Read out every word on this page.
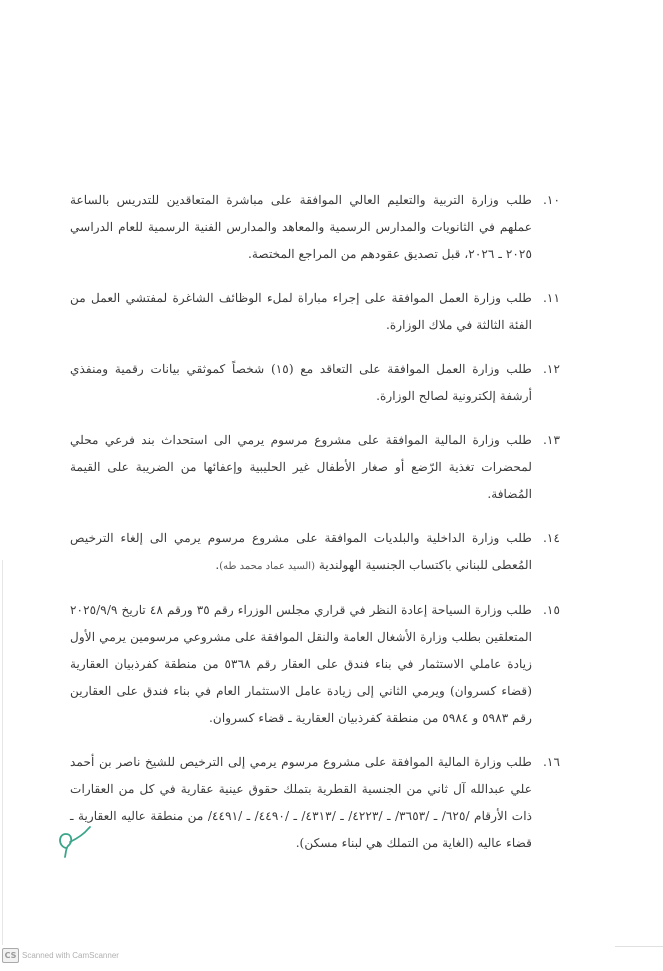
١٠.
طلب وزارة التربية والتعليم العالي الموافقة على مباشرة المتعاقدين للتدريس بالساعة عملهم في الثانويات والمدارس الرسمية والمعاهد والمدارس الفنية الرسمية للعام الدراسي ٢٠٢٥ ـ ٢٠٢٦، قبل تصديق عقودهم من المراجع المختصة.
١١.
طلب وزارة العمل الموافقة على إجراء مباراة لملء الوظائف الشاغرة لمفتشي العمل من الفئة الثالثة في ملاك الوزارة.
١٢.
طلب وزارة العمل الموافقة على التعاقد مع (١٥) شخصاً كموثقي بيانات رقمية ومنفذي أرشفة إلكترونية لصالح الوزارة.
١٣.
طلب وزارة المالية الموافقة على مشروع مرسوم يرمي الى استحداث بند فرعي محلي لمحضرات تغذية الرّضع أو صغار الأطفال غير الحليبية وإعفائها من الضريبة على القيمة المُضافة.
١٤.
طلب وزارة الداخلية والبلديات الموافقة على مشروع مرسوم يرمي الى إلغاء الترخيص المُعطى للبناني باكتساب الجنسية الهولندية (السيد عماد محمد طه).
١٥.
طلب وزارة السياحة إعادة النظر في قراري مجلس الوزراء رقم ٣٥ ورقم ٤٨ تاريخ ٢٠٢٥/٩/٩ المتعلقين بطلب وزارة الأشغال العامة والنقل الموافقة على مشروعي مرسومين يرمي الأول زيادة عاملي الاستثمار في بناء فندق على العقار رقم ٥٣٦٨ من منطقة كفرذبيان العقارية (قضاء كسروان) ويرمي الثاني إلى زيادة عامل الاستثمار العام في بناء فندق على العقارين رقم ٥٩٨٣ و ٥٩٨٤ من منطقة كفرذبيان العقارية ـ قضاء كسروان.
١٦.
طلب وزارة المالية الموافقة على مشروع مرسوم يرمي إلى الترخيص للشيخ ناصر بن أحمد علي عبدالله آل ثاني من الجنسية القطرية بتملك حقوق عينية عقارية في كل من العقارات ذات الأرقام /٦٢٥/ ـ /٣٦٥٣/ ـ /٤٢٢٣/ ـ /٤٣١٣/ ـ /٤٤٩٠/ ـ /٤٤٩١/ من منطقة عاليه العقارية ـ قضاء عاليه (الغاية من التملك هي لبناء مسكن).
CS Scanned with CamScanner
